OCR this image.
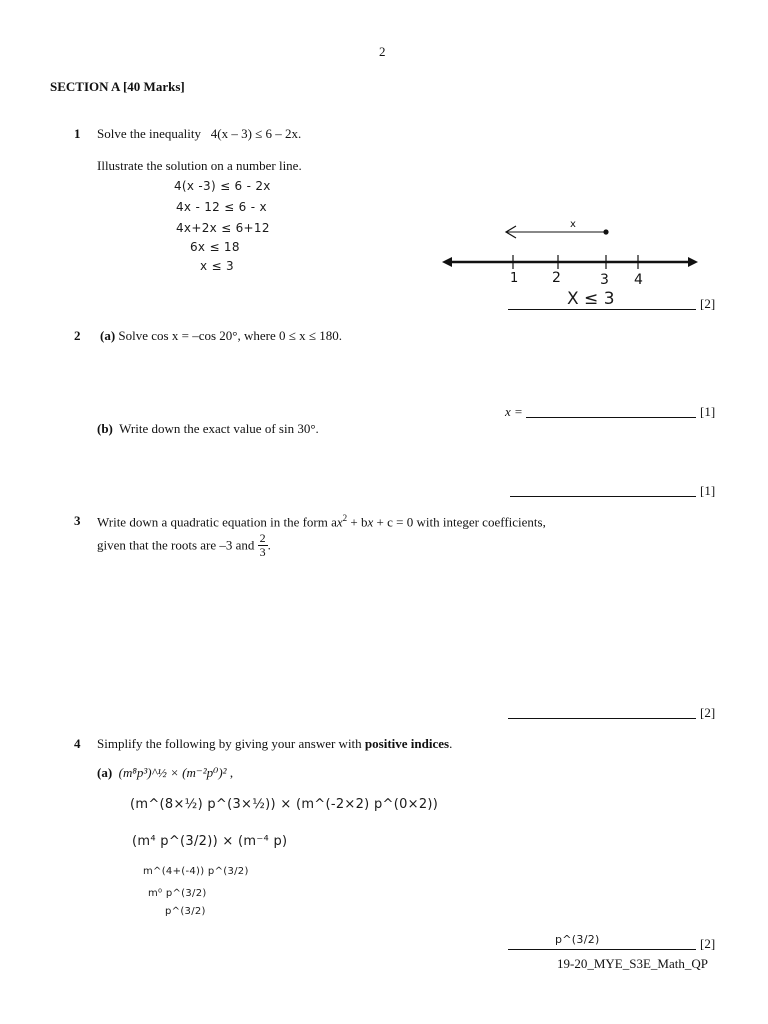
2
SECTION A [40 Marks]
1 Solve the inequality 4(x – 3) ≤ 6 – 2x.
Illustrate the solution on a number line.
4(x -3) ≤ 6 - 2x
4x - 12 ≤ 6 - x
4x+2x ≤ 6+12
6x ≤ 18
x ≤ 3
x
1 2	3 4
X ≤ 3	[2]
2 (a) Solve cos x = –cos 20°, where 0 ≤ x ≤ 180.
x =	[1]
(b) Write down the exact value of sin 30°.
[1]
3 Write down a quadratic equation in the form $ax^2$ + bx + c = 0 with integer coefficients,
given that the roots are –3 and $\frac{2}{3}$ .
[2]
4 Simplify the following by giving your answer with positive indices.
(a) (m⁸p³)^½ × (m⁻²p⁰)² ,
(m^(8×½) p^(3×½)) × (m^(-2×2) p^(0×2))
(m⁴ p^(3/2)) × (m⁻⁴ p)
m^(4+(-4)) p^(3/2)
m⁰ p^(3/2)
p^(3/2)
p^(3/2)	[2]
19-20_MYE_S3E_Math_QP
